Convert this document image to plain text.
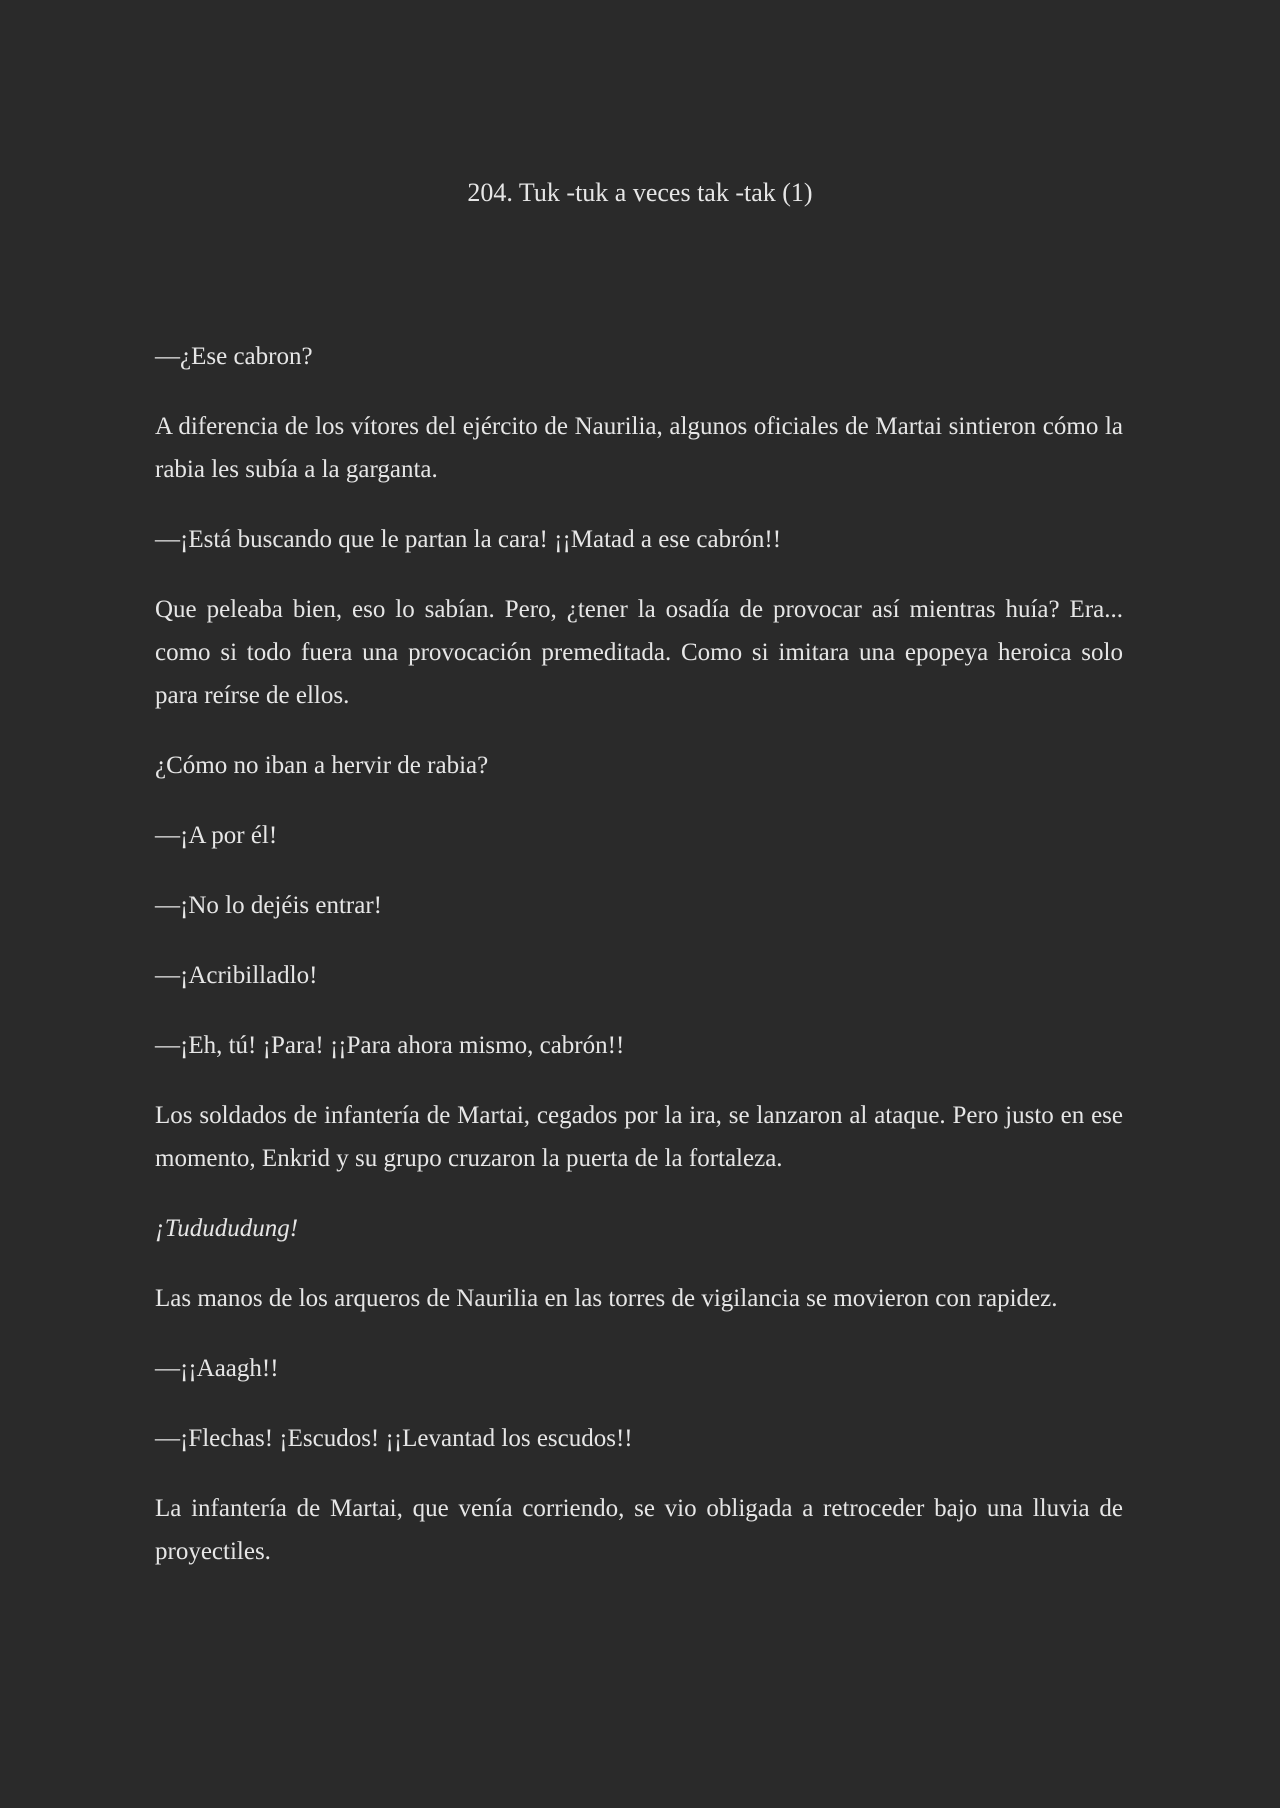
204. Tuk -tuk a veces tak -tak (1)

—¿Ese cabron?

A diferencia de los vítores del ejército de Naurilia, algunos oficiales de Martai sintieron cómo la rabia les subía a la garganta.

—¡Está buscando que le partan la cara! ¡¡Matad a ese cabrón!!

Que peleaba bien, eso lo sabían. Pero, ¿tener la osadía de provocar así mientras huía? Era... como si todo fuera una provocación premeditada. Como si imitara una epopeya heroica solo para reírse de ellos.

¿Cómo no iban a hervir de rabia?

—¡A por él!

—¡No lo dejéis entrar!

—¡Acribilladlo!

—¡Eh, tú! ¡Para! ¡¡Para ahora mismo, cabrón!!

Los soldados de infantería de Martai, cegados por la ira, se lanzaron al ataque. Pero justo en ese momento, Enkrid y su grupo cruzaron la puerta de la fortaleza.

¡Tudududung!

Las manos de los arqueros de Naurilia en las torres de vigilancia se movieron con rapidez.

—¡¡Aaagh!!

—¡Flechas! ¡Escudos! ¡¡Levantad los escudos!!

La infantería de Martai, que venía corriendo, se vio obligada a retroceder bajo una lluvia de proyectiles.
